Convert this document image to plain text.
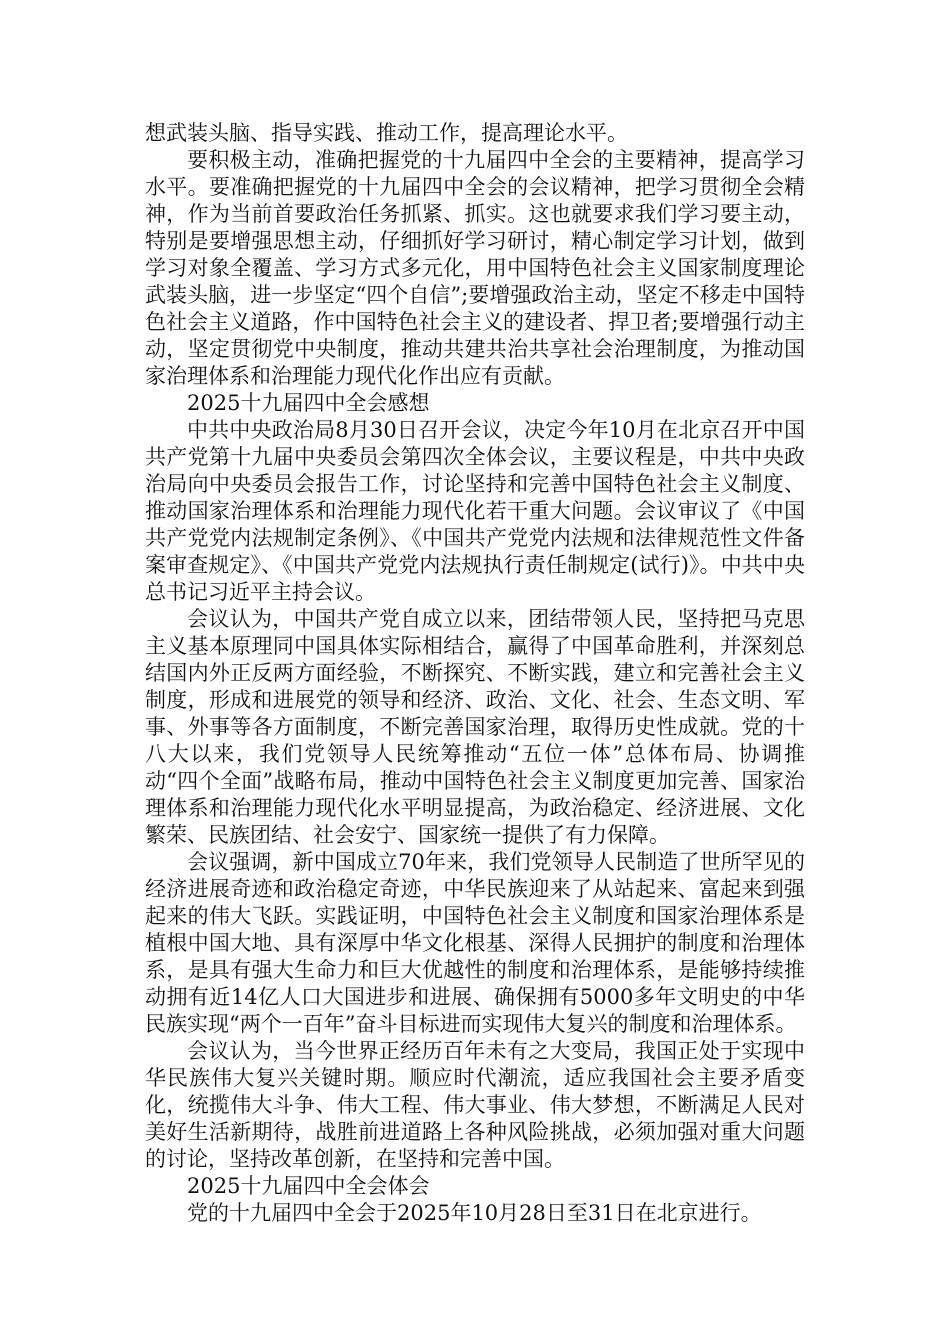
想武装头脑、指导实践、推动工作，提高理论水平。

要积极主动，准确把握党的十九届四中全会的主要精神，提高学习水平。要准确把握党的十九届四中全会的会议精神，把学习贯彻全会精神，作为当前首要政治任务抓紧、抓实。这也就要求我们学习要主动，特别是要增强思想主动，仔细抓好学习研讨，精心制定学习计划，做到学习对象全覆盖、学习方式多元化，用中国特色社会主义国家制度理论武装头脑，进一步坚定“四个自信”;要增强政治主动，坚定不移走中国特色社会主义道路，作中国特色社会主义的建设者、捍卫者;要增强行动主动，坚定贯彻党中央制度，推动共建共治共享社会治理制度，为推动国家治理体系和治理能力现代化作出应有贡献。

2025十九届四中全会感想

中共中央政治局8月30日召开会议，决定今年10月在北京召开中国共产党第十九届中央委员会第四次全体会议，主要议程是，中共中央政治局向中央委员会报告工作，讨论坚持和完善中国特色社会主义制度、推动国家治理体系和治理能力现代化若干重大问题。会议审议了《中国共产党党内法规制定条例》、《中国共产党党内法规和法律规范性文件备案审查规定》、《中国共产党党内法规执行责任制规定(试行)》。中共中央总书记习近平主持会议。

会议认为，中国共产党自成立以来，团结带领人民，坚持把马克思主义基本原理同中国具体实际相结合，赢得了中国革命胜利，并深刻总结国内外正反两方面经验，不断探究、不断实践，建立和完善社会主义制度，形成和进展党的领导和经济、政治、文化、社会、生态文明、军事、外事等各方面制度，不断完善国家治理，取得历史性成就。党的十八大以来，我们党领导人民统筹推动“五位一体”总体布局、协调推动“四个全面”战略布局，推动中国特色社会主义制度更加完善、国家治理体系和治理能力现代化水平明显提高，为政治稳定、经济进展、文化繁荣、民族团结、社会安宁、国家统一提供了有力保障。

会议强调，新中国成立70年来，我们党领导人民制造了世所罕见的经济进展奇迹和政治稳定奇迹，中华民族迎来了从站起来、富起来到强起来的伟大飞跃。实践证明，中国特色社会主义制度和国家治理体系是植根中国大地、具有深厚中华文化根基、深得人民拥护的制度和治理体系，是具有强大生命力和巨大优越性的制度和治理体系，是能够持续推动拥有近14亿人口大国进步和进展、确保拥有5000多年文明史的中华民族实现“两个一百年”奋斗目标进而实现伟大复兴的制度和治理体系。

会议认为，当今世界正经历百年未有之大变局，我国正处于实现中华民族伟大复兴关键时期。顺应时代潮流，适应我国社会主要矛盾变化，统揽伟大斗争、伟大工程、伟大事业、伟大梦想，不断满足人民对美好生活新期待，战胜前进道路上各种风险挑战，必须加强对重大问题的讨论，坚持改革创新，在坚持和完善中国。

2025十九届四中全会体会

党的十九届四中全会于2025年10月28日至31日在北京进行。
